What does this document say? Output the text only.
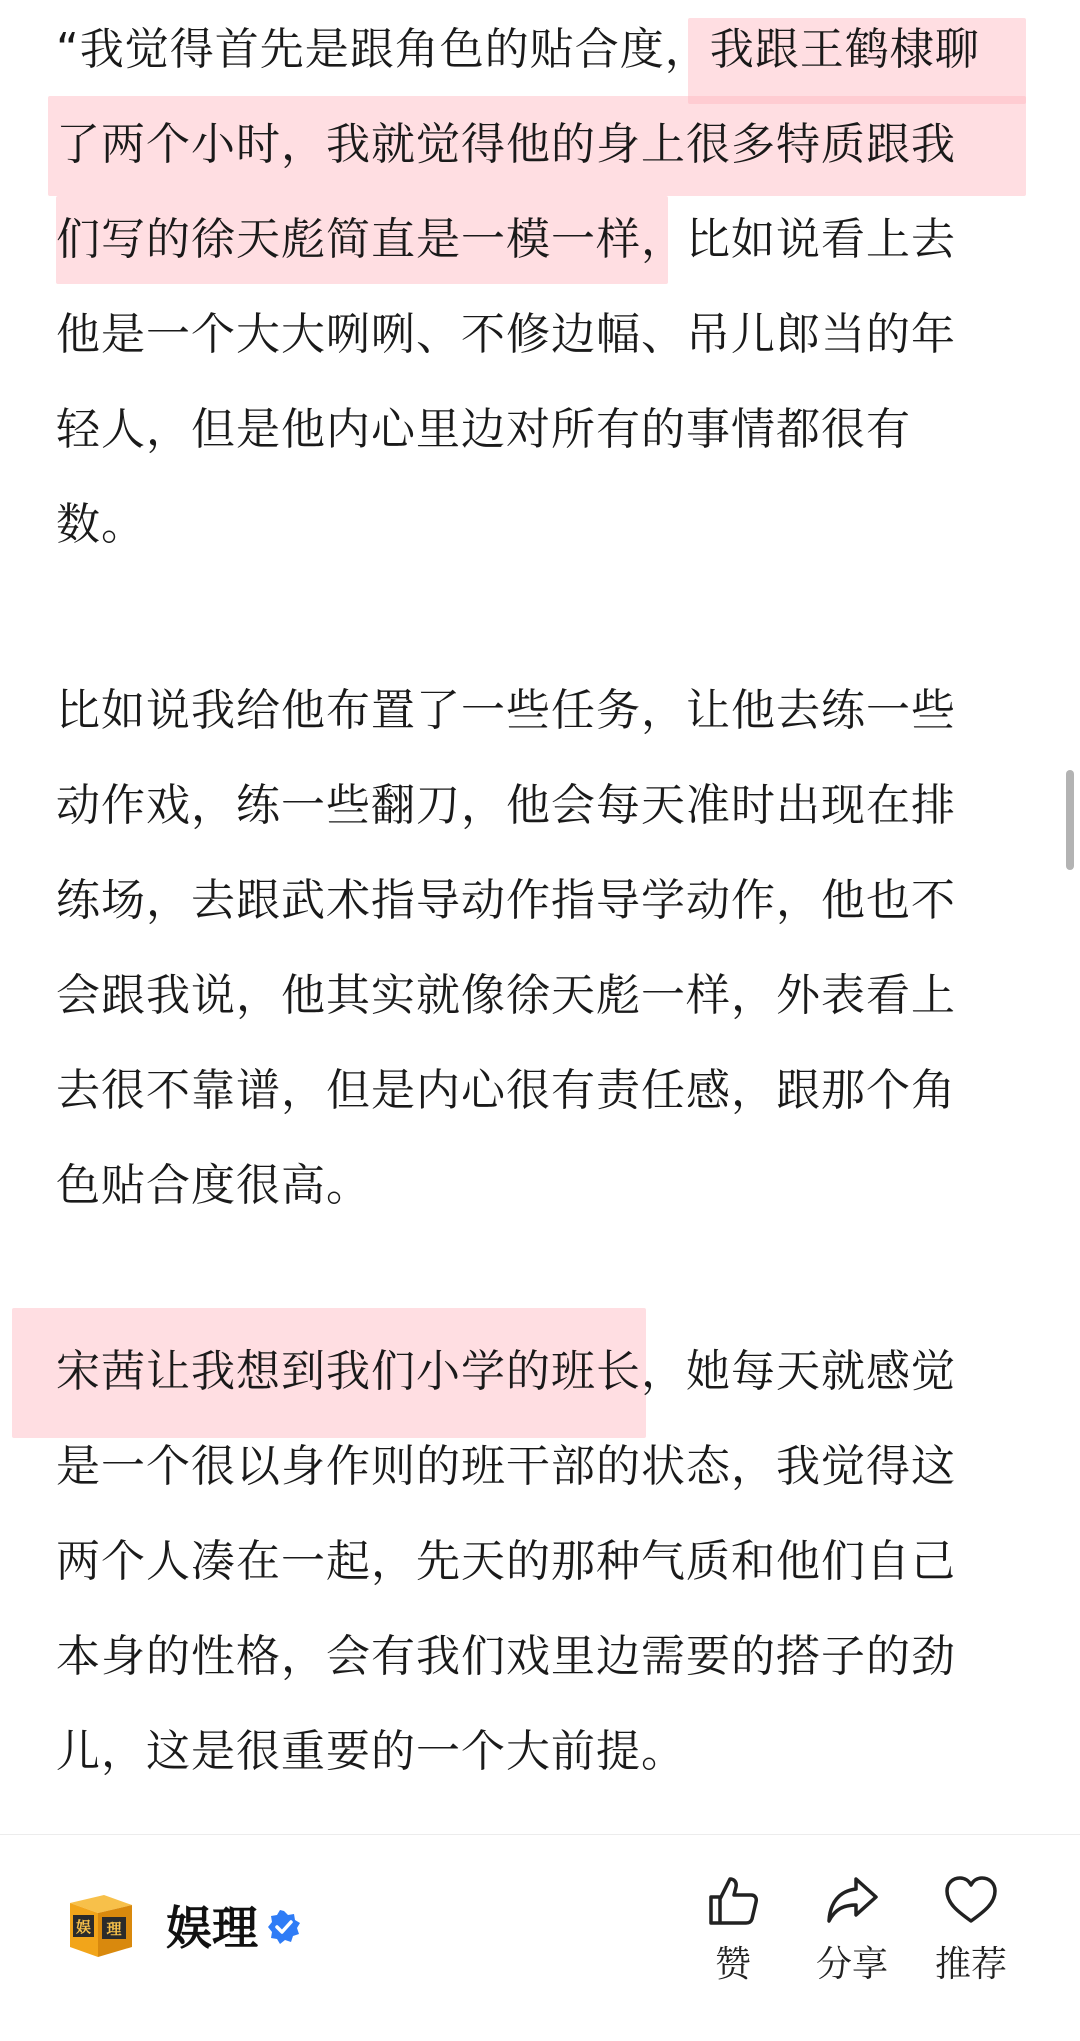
“我觉得首先是跟角色的贴合度，我跟王鹤棣聊
了两个小时，我就觉得他的身上很多特质跟我
们写的徐天彪简直是一模一样，比如说看上去
他是一个大大咧咧、不修边幅、吊儿郎当的年
轻人，但是他内心里边对所有的事情都很有
数。
比如说我给他布置了一些任务，让他去练一些
动作戏，练一些翻刀，他会每天准时出现在排
练场，去跟武术指导动作指导学动作，他也不
会跟我说，他其实就像徐天彪一样，外表看上
去很不靠谱，但是内心很有责任感，跟那个角
色贴合度很高。
宋茜让我想到我们小学的班长，她每天就感觉
是一个很以身作则的班干部的状态，我觉得这
两个人凑在一起，先天的那种气质和他们自己
本身的性格，会有我们戏里边需要的搭子的劲
儿，这是很重要的一个大前提。
娱 理 娱理
赞	分享	推荐
